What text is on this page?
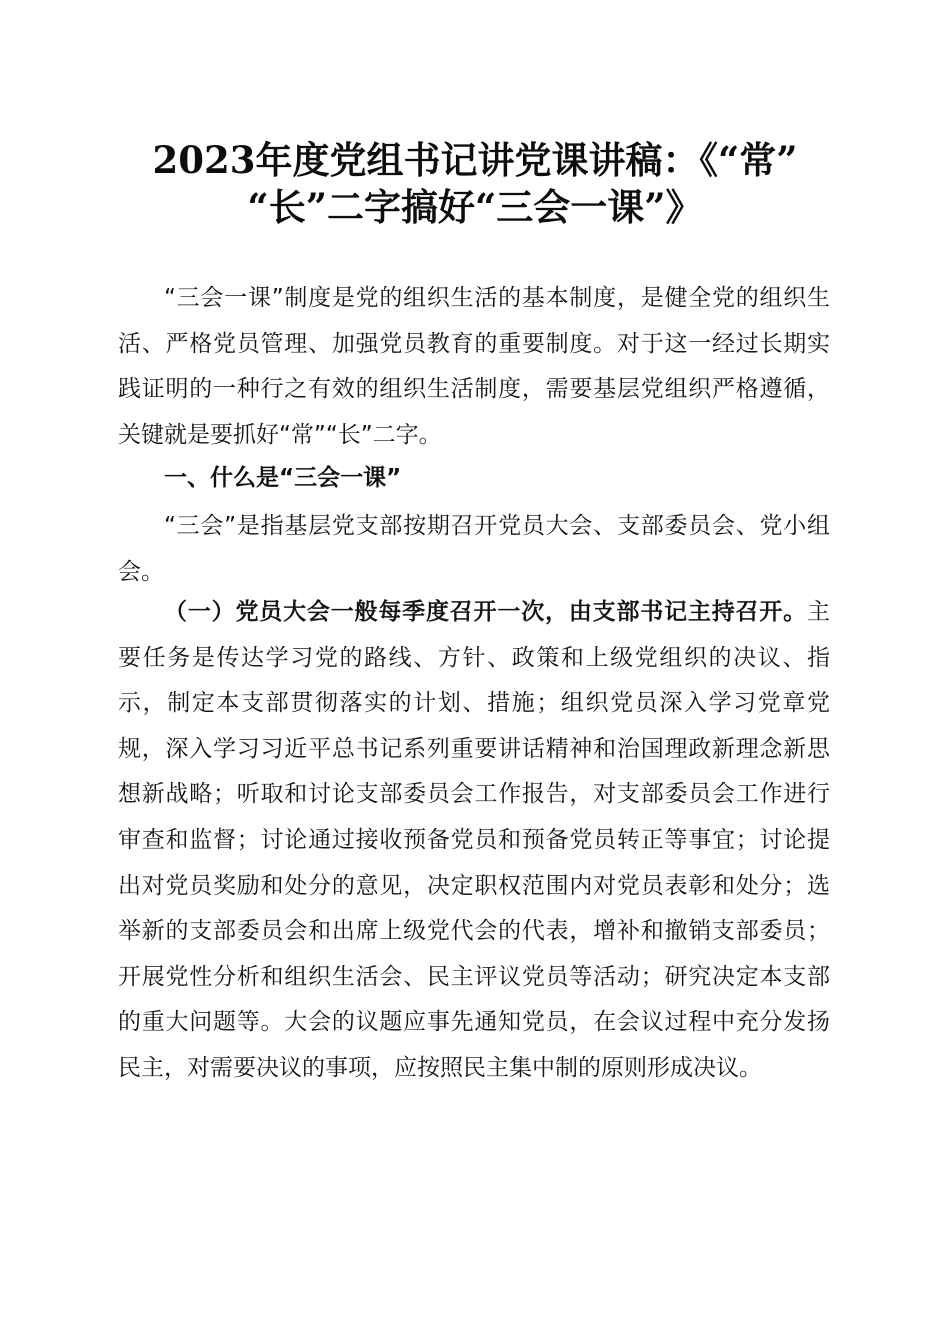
2023年度党组书记讲党课讲稿：《“常”
“长”二字搞好“三会一课”》

“三会一课”制度是党的组织生活的基本制度，是健全党的组织生活、严格党员管理、加强党员教育的重要制度。对于这一经过长期实践证明的一种行之有效的组织生活制度，需要基层党组织严格遵循，关键就是要抓好“常”“长”二字。

一、什么是“三会一课”

“三会”是指基层党支部按期召开党员大会、支部委员会、党小组会。

（一）党员大会一般每季度召开一次，由支部书记主持召开。主要任务是传达学习党的路线、方针、政策和上级党组织的决议、指示，制定本支部贯彻落实的计划、措施；组织党员深入学习党章党规，深入学习习近平总书记系列重要讲话精神和治国理政新理念新思想新战略；听取和讨论支部委员会工作报告，对支部委员会工作进行审查和监督；讨论通过接收预备党员和预备党员转正等事宜；讨论提出对党员奖励和处分的意见，决定职权范围内对党员表彰和处分；选举新的支部委员会和出席上级党代会的代表，增补和撤销支部委员；开展党性分析和组织生活会、民主评议党员等活动；研究决定本支部的重大问题等。大会的议题应事先通知党员，在会议过程中充分发扬民主，对需要决议的事项，应按照民主集中制的原则形成决议。
